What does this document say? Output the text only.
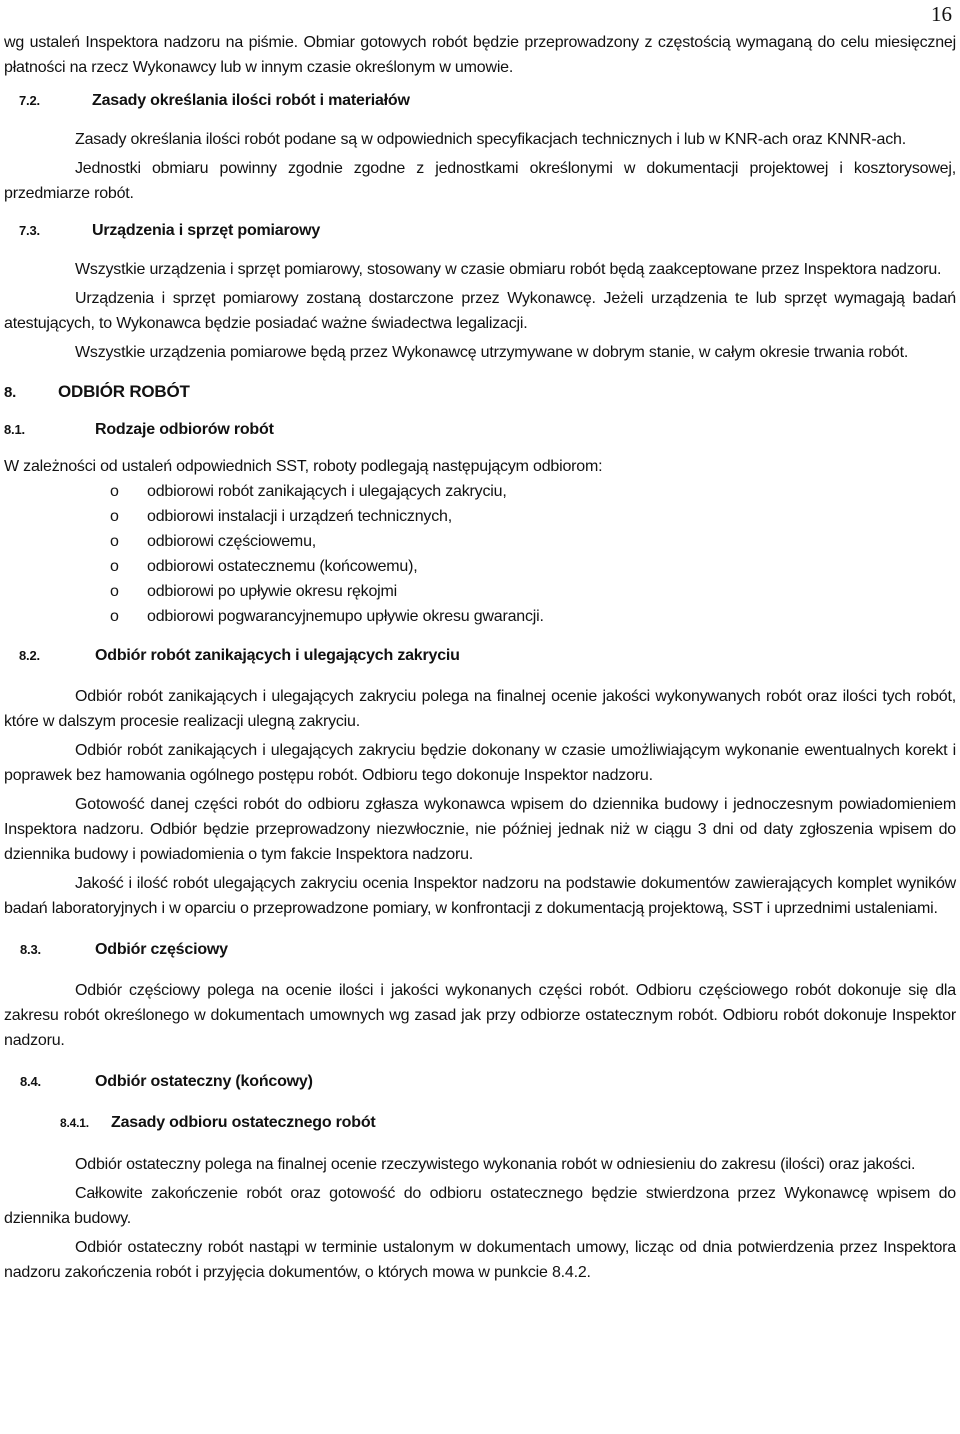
16

wg ustaleń Inspektora nadzoru na piśmie. Obmiar gotowych robót będzie przeprowadzony z częstością wymaganą do celu miesięcznej płatności na rzecz Wykonawcy lub w innym czasie określonym w umowie.

7.2.	Zasady określania ilości robót i materiałów

Zasady określania ilości robót podane są w odpowiednich specyfikacjach technicznych i lub w KNR-ach oraz KNNR-ach.

Jednostki obmiaru powinny zgodnie zgodne z jednostkami określonymi w dokumentacji projektowej i kosztorysowej, przedmiarze robót.

7.3.	Urządzenia i sprzęt pomiarowy

Wszystkie urządzenia i sprzęt pomiarowy, stosowany w czasie obmiaru robót będą zaakceptowane przez Inspektora nadzoru.

Urządzenia i sprzęt pomiarowy zostaną dostarczone przez Wykonawcę. Jeżeli urządzenia te lub sprzęt wymagają badań atestujących, to Wykonawca będzie posiadać ważne świadectwa legalizacji.

Wszystkie urządzenia pomiarowe będą przez Wykonawcę utrzymywane w dobrym stanie, w całym okresie trwania robót.

8. ODBIÓR ROBÓT
8.1.	Rodzaje odbiorów robót

W zależności od ustaleń odpowiednich SST, roboty podlegają następującym odbiorom:

o odbiorowi robót zanikających i ulegających zakryciu,
o odbiorowi instalacji i urządzeń technicznych,
o odbiorowi częściowemu,
o odbiorowi ostatecznemu (końcowemu),
o odbiorowi po upływie okresu rękojmi
o odbiorowi pogwarancyjnemupo upływie okresu gwarancji.
8.2.	Odbiór robót zanikających i ulegających zakryciu

Odbiór robót zanikających i ulegających zakryciu polega na finalnej ocenie jakości wykonywanych robót oraz ilości tych robót, które w dalszym procesie realizacji ulegną zakryciu.

Odbiór robót zanikających i ulegających zakryciu będzie dokonany w czasie umożliwiającym wykonanie ewentualnych korekt i poprawek bez hamowania ogólnego postępu robót. Odbioru tego dokonuje Inspektor nadzoru.

Gotowość danej części robót do odbioru zgłasza wykonawca wpisem do dziennika budowy i jednoczesnym powiadomieniem Inspektora nadzoru. Odbiór będzie przeprowadzony niezwłocznie, nie później jednak niż w ciągu 3 dni od daty zgłoszenia wpisem do dziennika budowy i powiadomienia o tym fakcie Inspektora nadzoru.

Jakość i ilość robót ulegających zakryciu ocenia Inspektor nadzoru na podstawie dokumentów zawierających komplet wyników badań laboratoryjnych i w oparciu o przeprowadzone pomiary, w konfrontacji z dokumentacją projektową, SST i uprzednimi ustaleniami.

8.3.	Odbiór częściowy

Odbiór częściowy polega na ocenie ilości i jakości wykonanych części robót. Odbioru częściowego robót dokonuje się dla zakresu robót określonego w dokumentach umownych wg zasad jak przy odbiorze ostatecznym robót. Odbioru robót dokonuje Inspektor nadzoru.

8.4.	Odbiór ostateczny (końcowy)
8.4.1. Zasady odbioru ostatecznego robót

Odbiór ostateczny polega na finalnej ocenie rzeczywistego wykonania robót w odniesieniu do zakresu (ilości) oraz jakości.

Całkowite zakończenie robót oraz gotowość do odbioru ostatecznego będzie stwierdzona przez Wykonawcę wpisem do dziennika budowy.

Odbiór ostateczny robót nastąpi w terminie ustalonym w dokumentach umowy, licząc od dnia potwierdzenia przez Inspektora nadzoru zakończenia robót i przyjęcia dokumentów, o których mowa w punkcie 8.4.2.
